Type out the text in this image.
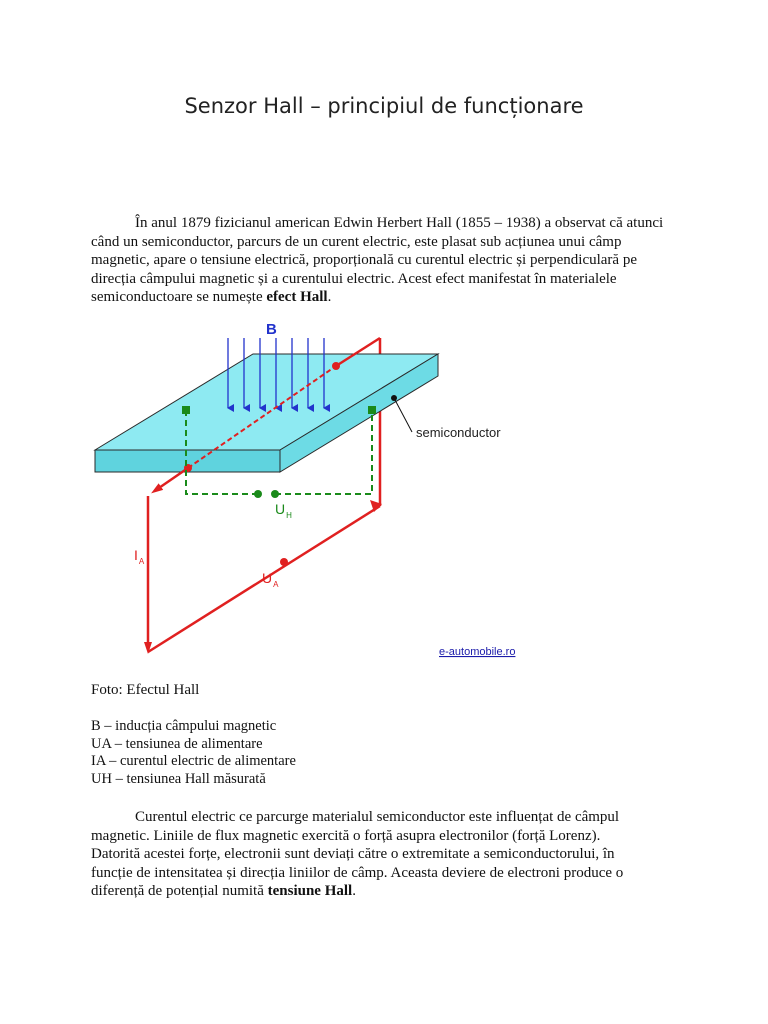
Senzor Hall – principiul de funcționare
În anul 1879 fizicianul american Edwin Herbert Hall (1855 – 1938) a observat că atunci când un semiconductor, parcurs de un curent electric, este plasat sub acțiunea unui câmp magnetic, apare o tensiune electrică, proporțională cu curentul electric și perpendiculară pe direcția câmpului magnetic și a curentului electric. Acest efect manifestat în materialele semiconductoare se numește efect Hall.
B
semiconductor
$U_H$
$I_A$
$U_A$
e-automobile.ro
Foto: Efectul Hall
B – inducția câmpului magnetic
UA – tensiunea de alimentare
IA – curentul electric de alimentare
UH – tensiunea Hall măsurată
Curentul electric ce parcurge materialul semiconductor este influențat de câmpul magnetic. Liniile de flux magnetic exercită o forță asupra electronilor (forță Lorenz). Datorită acestei forțe, electronii sunt deviați către o extremitate a semiconductorului, în funcție de intensitatea și direcția liniilor de câmp. Aceasta deviere de electroni produce o diferență de potențial numită tensiune Hall.
